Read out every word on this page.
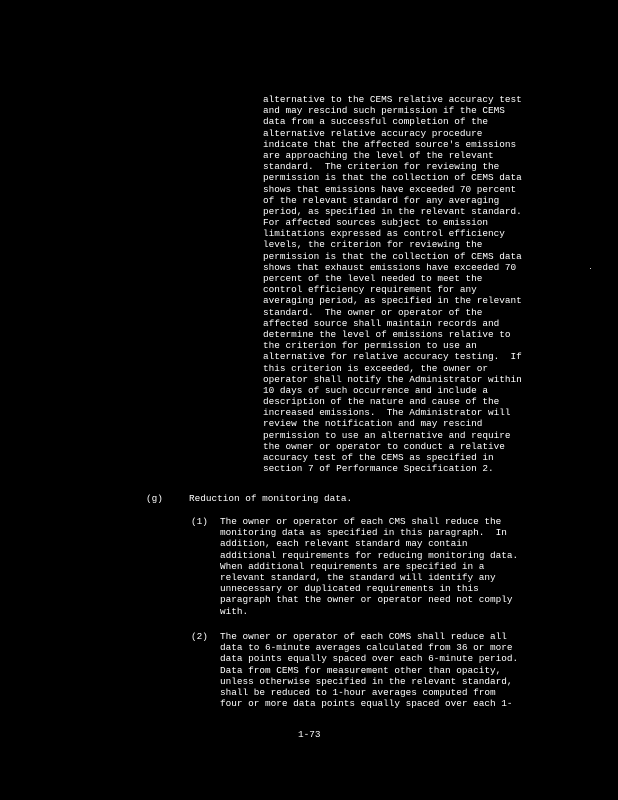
alternative to the CEMS relative accuracy test
and may rescind such permission if the CEMS
data from a successful completion of the
alternative relative accuracy procedure
indicate that the affected source's emissions
are approaching the level of the relevant
standard.  The criterion for reviewing the
permission is that the collection of CEMS data
shows that emissions have exceeded 70 percent
of the relevant standard for any averaging
period, as specified in the relevant standard.
For affected sources subject to emission
limitations expressed as control efficiency
levels, the criterion for reviewing the
permission is that the collection of CEMS data
shows that exhaust emissions have exceeded 70
percent of the level needed to meet the
control efficiency requirement for any
averaging period, as specified in the relevant
standard.  The owner or operator of the
affected source shall maintain records and
determine the level of emissions relative to
the criterion for permission to use an
alternative for relative accuracy testing.  If
this criterion is exceeded, the owner or
operator shall notify the Administrator within
10 days of such occurrence and include a
description of the nature and cause of the
increased emissions.  The Administrator will
review the notification and may rescind
permission to use an alternative and require
the owner or operator to conduct a relative
accuracy test of the CEMS as specified in
section 7 of Performance Specification 2.
(g)	Reduction of monitoring data.
(1) The owner or operator of each CMS shall reduce the
monitoring data as specified in this paragraph.  In
addition, each relevant standard may contain
additional requirements for reducing monitoring data.
When additional requirements are specified in a
relevant standard, the standard will identify any
unnecessary or duplicated requirements in this
paragraph that the owner or operator need not comply
with.
(2) The owner or operator of each COMS shall reduce all
data to 6-minute averages calculated from 36 or more
data points equally spaced over each 6-minute period.
Data from CEMS for measurement other than opacity,
unless otherwise specified in the relevant standard,
shall be reduced to 1-hour averages computed from
four or more data points equally spaced over each 1-
1-73
